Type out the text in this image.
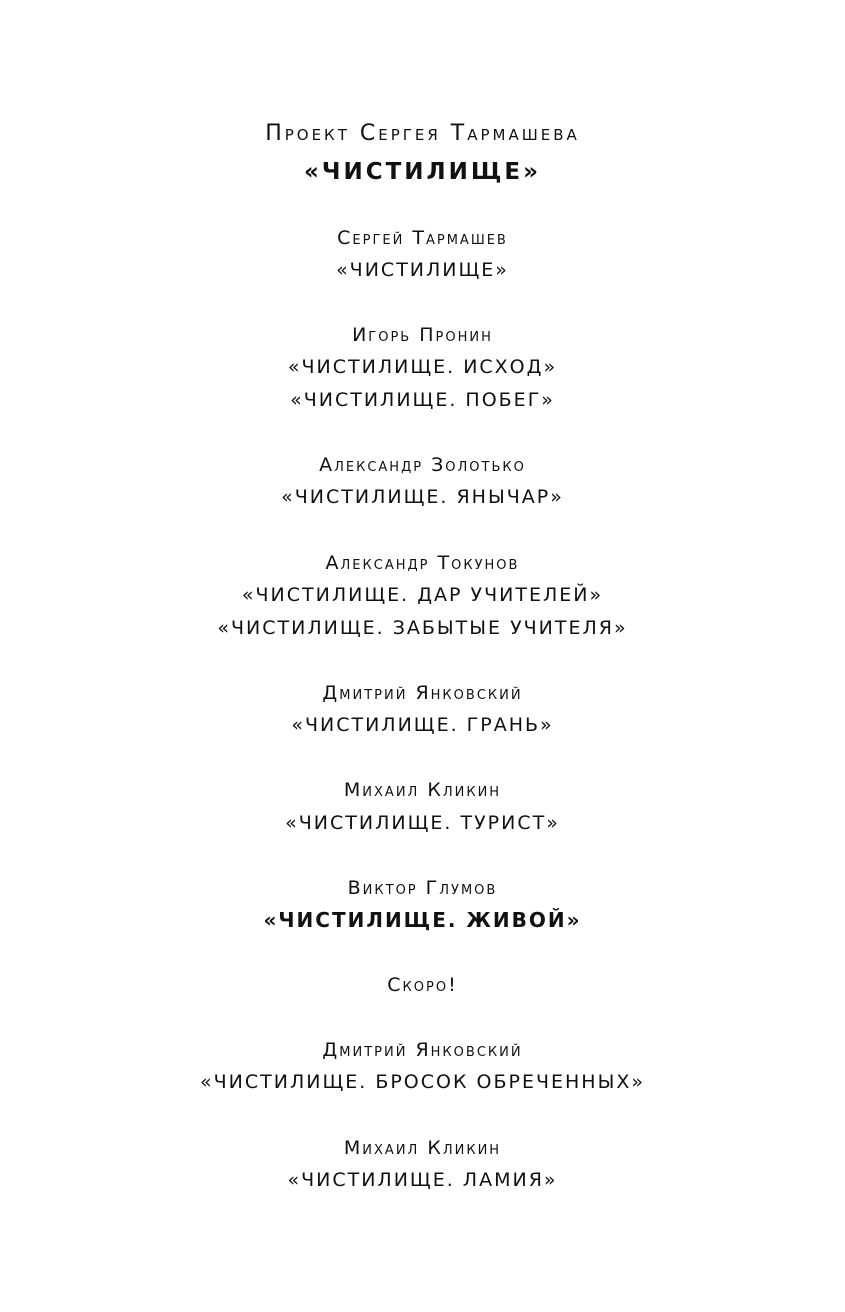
Проект Сергея Тармашева
«ЧИСТИЛИЩЕ»
Сергей Тармашев
«ЧИСТИЛИЩЕ»
Игорь Пронин
«ЧИСТИЛИЩЕ. ИСХОД»
«ЧИСТИЛИЩЕ. ПОБЕГ»
Александр Золотько
«ЧИСТИЛИЩЕ. ЯНЫЧАР»
Александр Токунов
«ЧИСТИЛИЩЕ. ДАР УЧИТЕЛЕЙ»
«ЧИСТИЛИЩЕ. ЗАБЫТЫЕ УЧИТЕЛЯ»
Дмитрий Янковский
«ЧИСТИЛИЩЕ. ГРАНЬ»
Михаил Кликин
«ЧИСТИЛИЩЕ. ТУРИСТ»
Виктор Глумов
«ЧИСТИЛИЩЕ. ЖИВОЙ»
Скоро!
Дмитрий Янковский
«ЧИСТИЛИЩЕ. БРОСОК ОБРЕЧЕННЫХ»
Михаил Кликин
«ЧИСТИЛИЩЕ. ЛАМИЯ»
